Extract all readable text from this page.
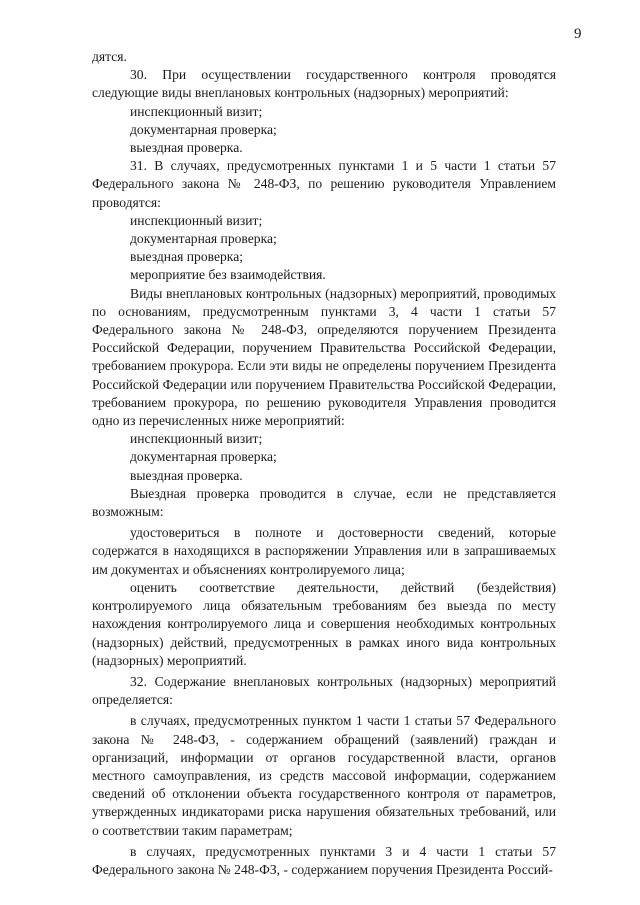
9

дятся.

30. При осуществлении государственного контроля проводятся следующие виды внеплановых контрольных (надзорных) мероприятий:

инспекционный визит;

документарная проверка;

выездная проверка.

31. В случаях, предусмотренных пунктами 1 и 5 части 1 статьи 57 Федерального закона № 248-ФЗ, по решению руководителя Управлением проводятся:

инспекционный визит;

документарная проверка;

выездная проверка;

мероприятие без взаимодействия.

Виды внеплановых контрольных (надзорных) мероприятий, проводимых по основаниям, предусмотренным пунктами 3, 4 части 1 статьи 57 Федерального закона № 248-ФЗ, определяются поручением Президента Российской Федерации, поручением Правительства Российской Федерации, требованием прокурора. Если эти виды не определены поручением Президента Российской Федерации или поручением Правительства Российской Федерации, требованием прокурора, по решению руководителя Управления проводится одно из перечисленных ниже мероприятий:

инспекционный визит;

документарная проверка;

выездная проверка.

Выездная проверка проводится в случае, если не представляется возможным:

удостовериться в полноте и достоверности сведений, которые содержатся в находящихся в распоряжении Управления или в запрашиваемых им документах и объяснениях контролируемого лица;

оценить соответствие деятельности, действий (бездействия) контролируемого лица обязательным требованиям без выезда по месту нахождения контролируемого лица и совершения необходимых контрольных (надзорных) действий, предусмотренных в рамках иного вида контрольных (надзорных) мероприятий.

32. Содержание внеплановых контрольных (надзорных) мероприятий определяется:

в случаях, предусмотренных пунктом 1 части 1 статьи 57 Федерального закона № 248-ФЗ, - содержанием обращений (заявлений) граждан и организаций, информации от органов государственной власти, органов местного самоуправления, из средств массовой информации, содержанием сведений об отклонении объекта государственного контроля от параметров, утвержденных индикаторами риска нарушения обязательных требований, или о соответствии таким параметрам;

в случаях, предусмотренных пунктами 3 и 4 части 1 статьи 57 Федерального закона № 248-ФЗ, - содержанием поручения Президента Россий-
